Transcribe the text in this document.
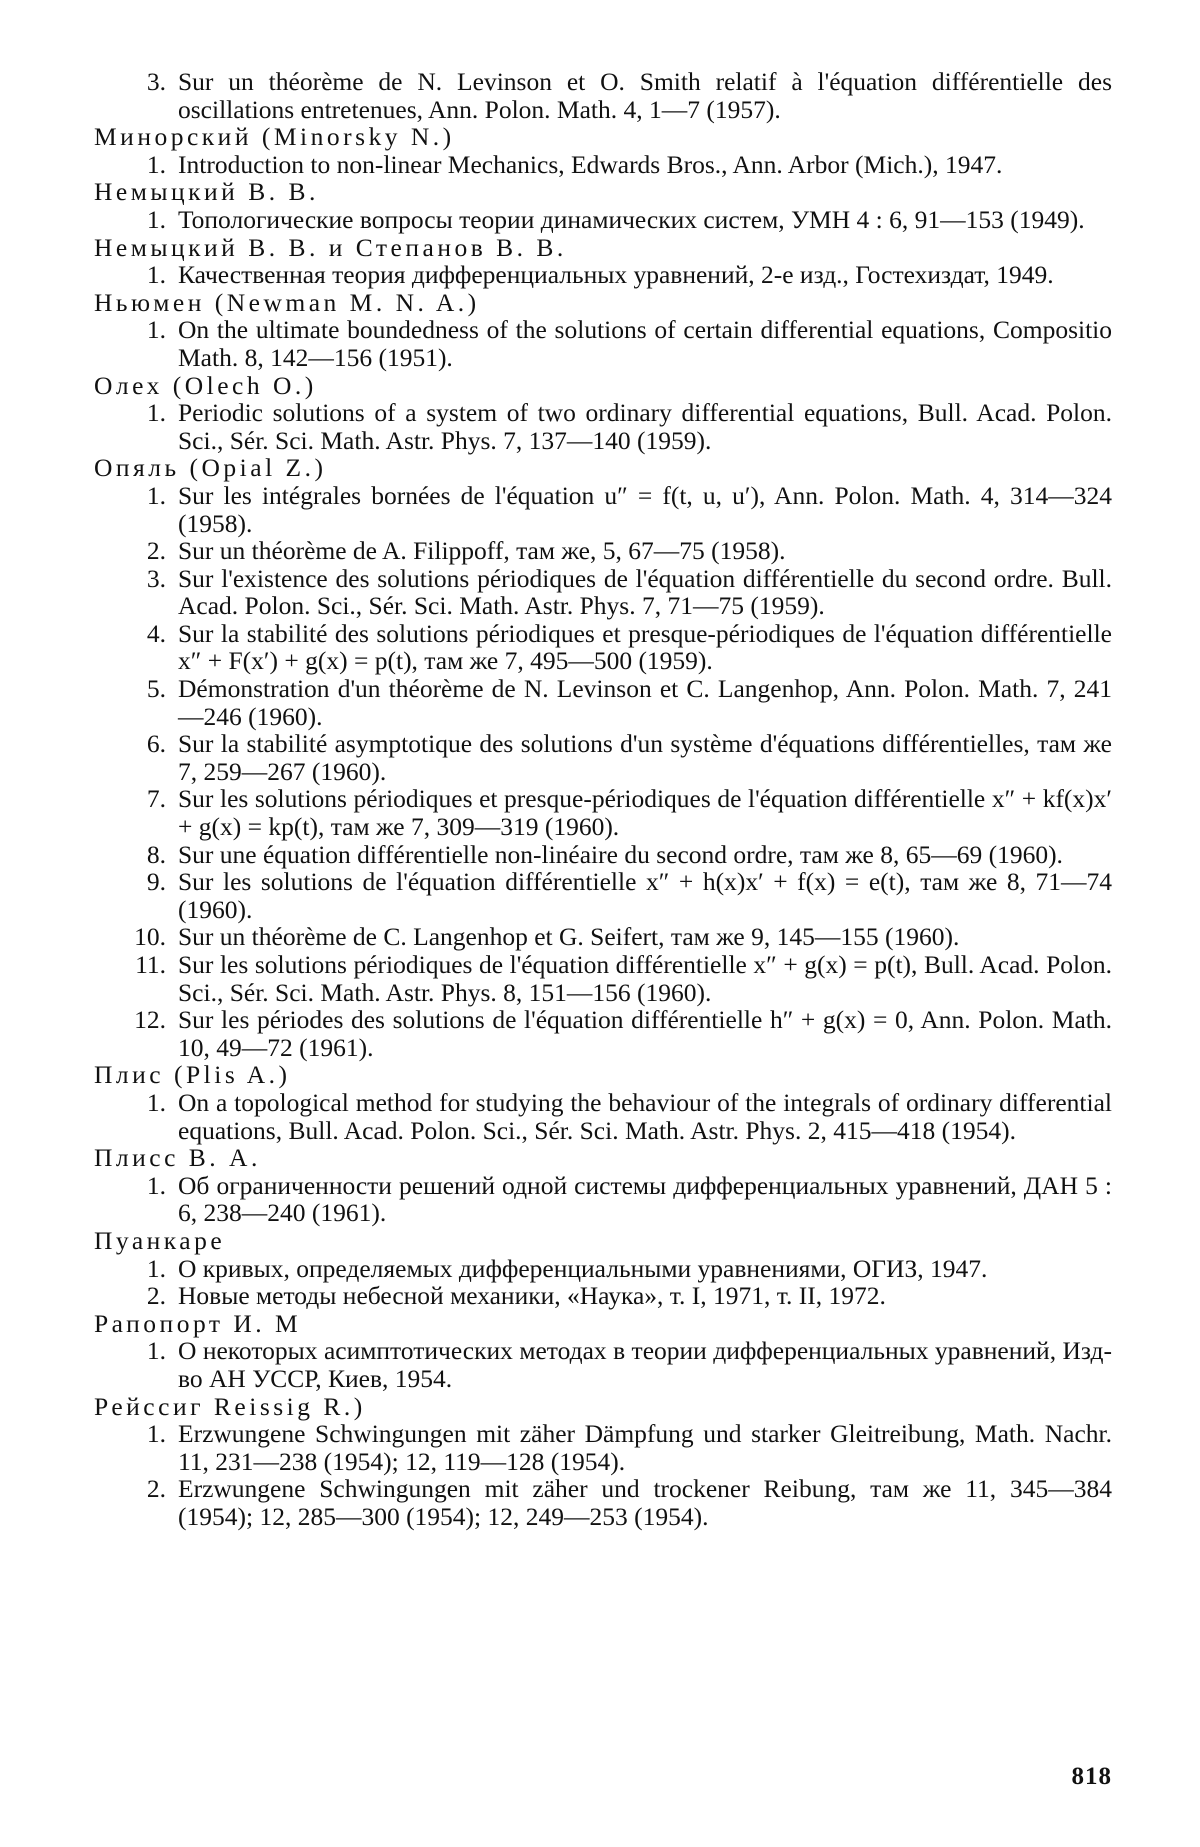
3. Sur un théorème de N. Levinson et O. Smith relatif à l'équation différentielle des oscillations entretenues, Ann. Polon. Math. 4, 1—7 (1957).

Минорский (Minorsky N.)

1. Introduction to non-linear Mechanics, Edwards Bros., Ann. Arbor (Mich.), 1947.

Немыцкий В. В.

1. Топологические вопросы теории динамических систем, УМН 4 : 6, 91—153 (1949).

Немыцкий В. В. и Степанов В. В.

1. Качественная теория дифференциальных уравнений, 2-е изд., Гостехиздат, 1949.

Ньюмен (Newman M. N. A.)

1. On the ultimate boundedness of the solutions of certain differential equations, Compositio Math. 8, 142—156 (1951).

Олех (Olech O.)

1. Periodic solutions of a system of two ordinary differential equations, Bull. Acad. Polon. Sci., Sér. Sci. Math. Astr. Phys. 7, 137—140 (1959).

Опяль (Opial Z.)

1. Sur les intégrales bornées de l'équation u″ = f(t, u, u′), Ann. Polon. Math. 4, 314—324 (1958).

2. Sur un théorème de A. Filippoff, там же, 5, 67—75 (1958).

3. Sur l'existence des solutions périodiques de l'équation différentielle du second ordre. Bull. Acad. Polon. Sci., Sér. Sci. Math. Astr. Phys. 7, 71—75 (1959).

4. Sur la stabilité des solutions périodiques et presque-périodiques de l'équation différentielle x″ + F(x′) + g(x) = p(t), там же 7, 495—500 (1959).

5. Démonstration d'un théorème de N. Levinson et C. Langenhop, Ann. Polon. Math. 7, 241—246 (1960).

6. Sur la stabilité asymptotique des solutions d'un système d'équations différentielles, там же 7, 259—267 (1960).

7. Sur les solutions périodiques et presque-périodiques de l'équation différentielle x″ + kf(x)x′ + g(x) = kp(t), там же 7, 309—319 (1960).

8. Sur une équation différentielle non-linéaire du second ordre, там же 8, 65—69 (1960).

9. Sur les solutions de l'équation différentielle x″ + h(x)x′ + f(x) = e(t), там же 8, 71—74 (1960).

10. Sur un théorème de C. Langenhop et G. Seifert, там же 9, 145—155 (1960).

11. Sur les solutions périodiques de l'équation différentielle x″ + g(x) = p(t), Bull. Acad. Polon. Sci., Sér. Sci. Math. Astr. Phys. 8, 151—156 (1960).

12. Sur les périodes des solutions de l'équation différentielle h″ + g(x) = 0, Ann. Polon. Math. 10, 49—72 (1961).

Плис (Plis A.)

1. On a topological method for studying the behaviour of the integrals of ordinary differential equations, Bull. Acad. Polon. Sci., Sér. Sci. Math. Astr. Phys. 2, 415—418 (1954).

Плисс В. А.

1. Об ограниченности решений одной системы дифференциальных уравнений, ДАН 5 : 6, 238—240 (1961).

Пуанкаре

1. О кривых, определяемых дифференциальными уравнениями, ОГИЗ, 1947.

2. Новые методы небесной механики, «Наука», т. I, 1971, т. II, 1972.

Рапопорт И. М

1. О некоторых асимптотических методах в теории дифференциальных уравнений, Изд-во АН УССР, Киев, 1954.

Рейссиг Reissig R.)

1. Erzwungene Schwingungen mit zäher Dämpfung und starker Gleitreibung, Math. Nachr. 11, 231—238 (1954); 12, 119—128 (1954).

2. Erzwungene Schwingungen mit zäher und trockener Reibung, там же 11, 345—384 (1954); 12, 285—300 (1954); 12, 249—253 (1954).

818
